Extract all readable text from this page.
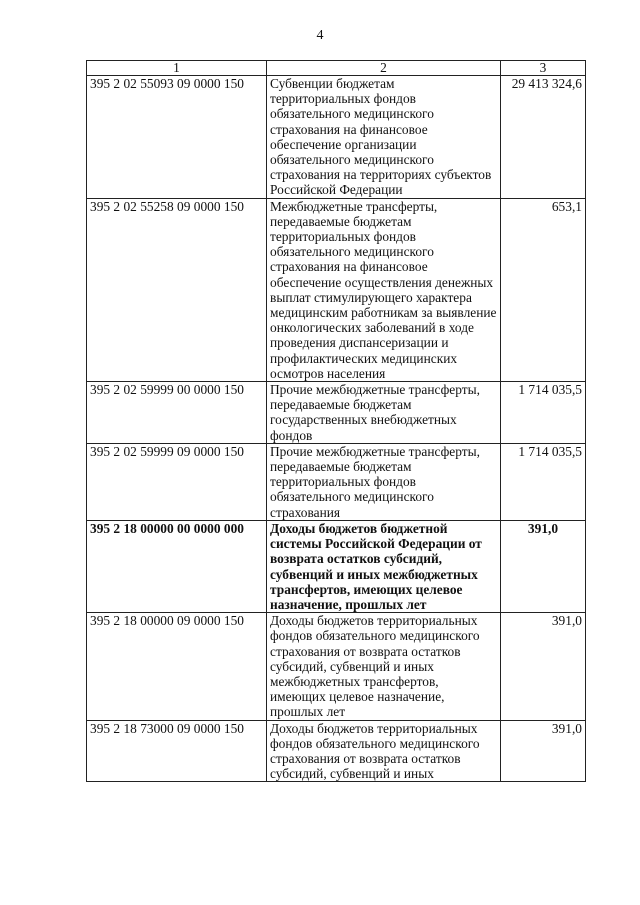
4
1	2	3
395 2 02 55093 09 0000 150	Субвенции бюджетам территориальных фондов обязательного медицинского страхования на финансовое обеспечение организации обязательного медицинского страхования на территориях субъектов Российской Федерации	29 413 324,6
395 2 02 55258 09 0000 150	Межбюджетные трансферты, передаваемые бюджетам территориальных фондов обязательного медицинского страхования на финансовое обеспечение осуществления денежных выплат стимулирующего характера медицинским работникам за выявление онкологических заболеваний в ходе проведения диспансеризации и профилактических медицинских осмотров населения	653,1
395 2 02 59999 00 0000 150	Прочие межбюджетные трансферты, передаваемые бюджетам государственных внебюджетных фондов	1 714 035,5
395 2 02 59999 09 0000 150	Прочие межбюджетные трансферты, передаваемые бюджетам территориальных фондов обязательного медицинского страхования	1 714 035,5
395 2 18 00000 00 0000 000	Доходы бюджетов бюджетной системы Российской Федерации от возврата остатков субсидий, субвенций и иных межбюджетных трансфертов, имеющих целевое назначение, прошлых лет	391,0
395 2 18 00000 09 0000 150	Доходы бюджетов территориальных фондов обязательного медицинского страхования от возврата остатков субсидий, субвенций и иных межбюджетных трансфертов, имеющих целевое назначение, прошлых лет	391,0
395 2 18 73000 09 0000 150	Доходы бюджетов территориальных фондов обязательного медицинского страхования от возврата остатков субсидий, субвенций и иных	391,0
